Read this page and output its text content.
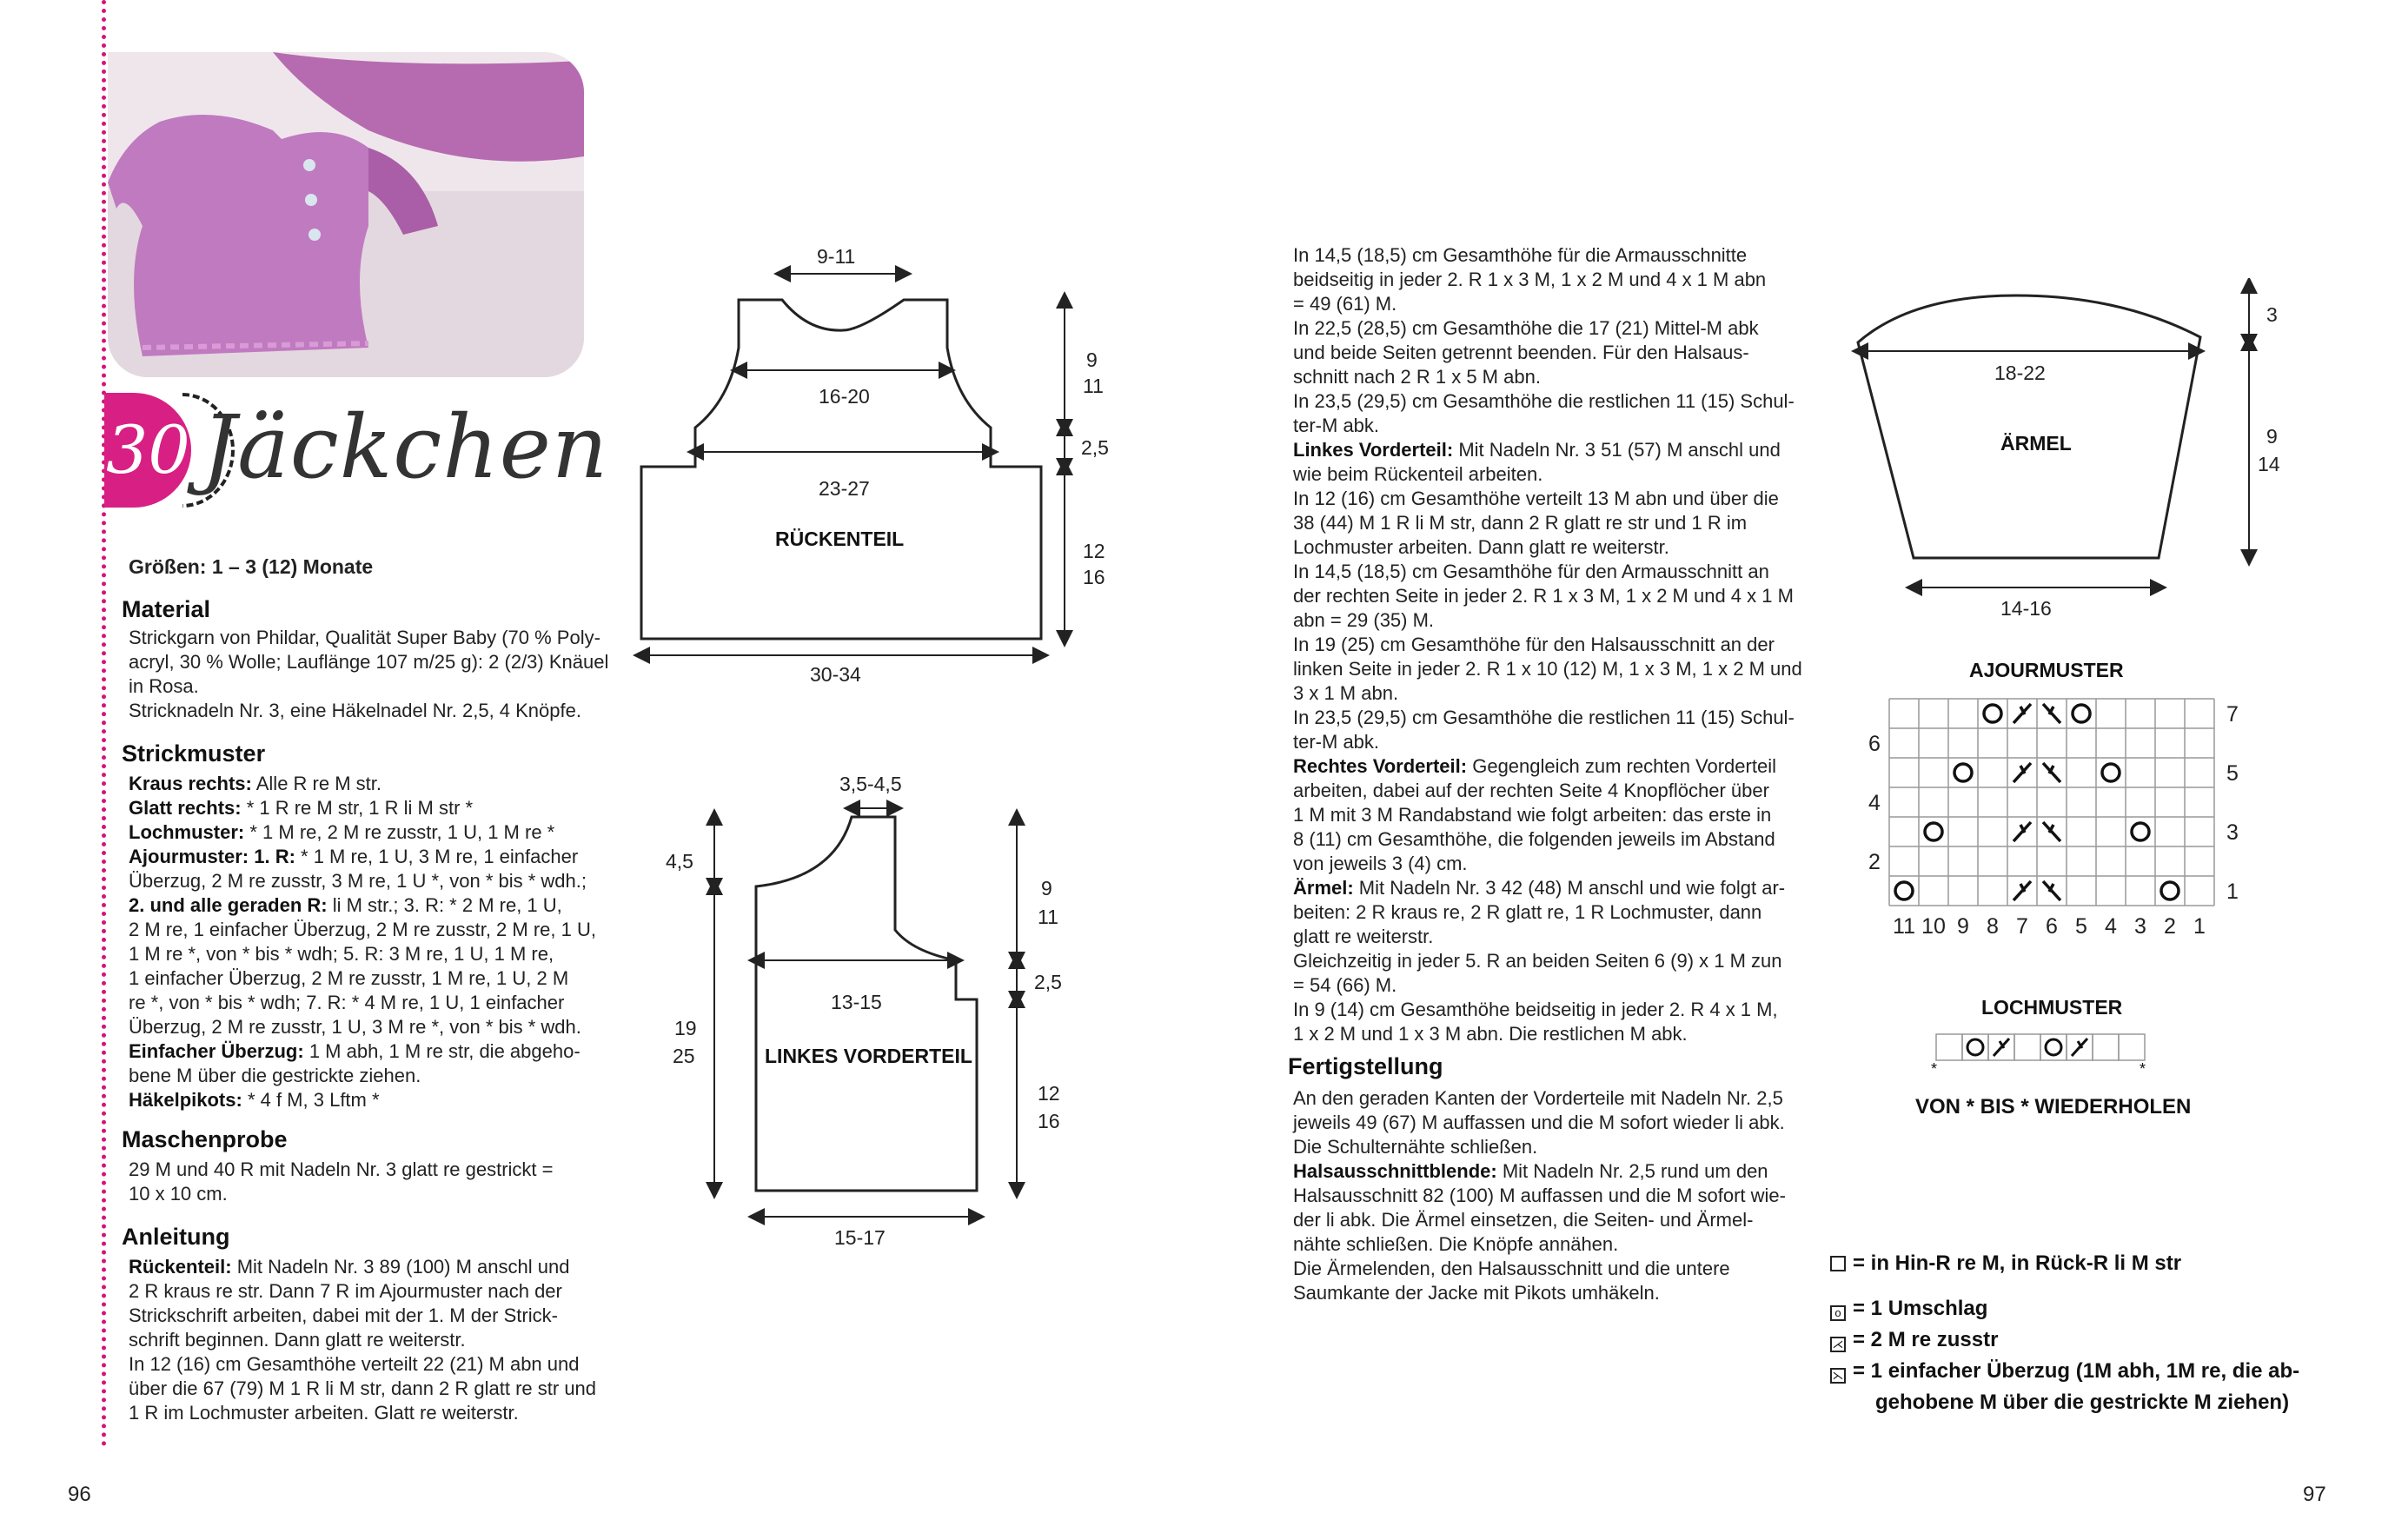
30 Jäckchen
Größen: 1 – 3 (12) Monate
Material
Strickgarn von Phildar, Qualität Super Baby (70 % Poly-
acryl, 30 % Wolle; Lauflänge 107 m/25 g): 2 (2/3) Knäuel
in Rosa.
Stricknadeln Nr. 3, eine Häkelnadel Nr. 2,5, 4 Knöpfe.
Strickmuster
Kraus rechts: Alle R re M str.
Glatt rechts: * 1 R re M str, 1 R li M str *
Lochmuster: * 1 M re, 2 M re zusstr, 1 U, 1 M re *
Ajourmuster: 1. R: * 1 M re, 1 U, 3 M re, 1 einfacher
Überzug, 2 M re zusstr, 3 M re, 1 U *, von * bis * wdh.;
2. und alle geraden R: li M str.; 3. R: * 2 M re, 1 U,
2 M re, 1 einfacher Überzug, 2 M re zusstr, 2 M re, 1 U,
1 M re *, von * bis * wdh; 5. R: 3 M re, 1 U, 1 M re,
1 einfacher Überzug, 2 M re zusstr, 1 M re, 1 U, 2 M
re *, von * bis * wdh; 7. R: * 4 M re, 1 U, 1 einfacher
Überzug, 2 M re zusstr, 1 U, 3 M re *, von * bis * wdh.
Einfacher Überzug: 1 M abh, 1 M re str, die abgeho-
bene M über die gestrickte ziehen.
Häkelpikots: * 4 f M, 3 Lftm *
Maschenprobe
29 M und 40 R mit Nadeln Nr. 3 glatt re gestrickt =
10 x 10 cm.
Anleitung
Rückenteil: Mit Nadeln Nr. 3 89 (100) M anschl und
2 R kraus re str. Dann 7 R im Ajourmuster nach der
Strickschrift arbeiten, dabei mit der 1. M der Strick-
schrift beginnen. Dann glatt re weiterstr.
In 12 (16) cm Gesamthöhe verteilt 22 (21) M abn und
über die 67 (79) M 1 R li M str, dann 2 R glatt re str und
1 R im Lochmuster arbeiten. Glatt re weiterstr.
In 14,5 (18,5) cm Gesamthöhe für die Armausschnitte
beidseitig in jeder 2. R 1 x 3 M, 1 x 2 M und 4 x 1 M abn
= 49 (61) M.
In 22,5 (28,5) cm Gesamthöhe die 17 (21) Mittel-M abk
und beide Seiten getrennt beenden. Für den Halsaus-
schnitt nach 2 R 1 x 5 M abn.
In 23,5 (29,5) cm Gesamthöhe die restlichen 11 (15) Schul-
ter-M abk.
Linkes Vorderteil: Mit Nadeln Nr. 3 51 (57) M anschl und
wie beim Rückenteil arbeiten.
In 12 (16) cm Gesamthöhe verteilt 13 M abn und über die
38 (44) M 1 R li M str, dann 2 R glatt re str und 1 R im
Lochmuster arbeiten. Dann glatt re weiterstr.
In 14,5 (18,5) cm Gesamthöhe für den Armausschnitt an
der rechten Seite in jeder 2. R 1 x 3 M, 1 x 2 M und 4 x 1 M
abn = 29 (35) M.
In 19 (25) cm Gesamthöhe für den Halsausschnitt an der
linken Seite in jeder 2. R 1 x 10 (12) M, 1 x 3 M, 1 x 2 M und
3 x 1 M abn.
In 23,5 (29,5) cm Gesamthöhe die restlichen 11 (15) Schul-
ter-M abk.
Rechtes Vorderteil: Gegengleich zum rechten Vorderteil
arbeiten, dabei auf der rechten Seite 4 Knopflöcher über
1 M mit 3 M Randabstand wie folgt arbeiten: das erste in
8 (11) cm Gesamthöhe, die folgenden jeweils im Abstand
von jeweils 3 (4) cm.
Ärmel: Mit Nadeln Nr. 3 42 (48) M anschl und wie folgt ar-
beiten: 2 R kraus re, 2 R glatt re, 1 R Lochmuster, dann
glatt re weiterstr.
Gleichzeitig in jeder 5. R an beiden Seiten 6 (9) x 1 M zun
= 54 (66) M.
In 9 (14) cm Gesamthöhe beidseitig in jeder 2. R 4 x 1 M,
1 x 2 M und 1 x 3 M abn. Die restlichen M abk.
Fertigstellung
An den geraden Kanten der Vorderteile mit Nadeln Nr. 2,5
jeweils 49 (67) M auffassen und die M sofort wieder li abk.
Die Schulternähte schließen.
Halsausschnittblende: Mit Nadeln Nr. 2,5 rund um den
Halsausschnitt 82 (100) M auffassen und die M sofort wie-
der li abk. Die Ärmel einsetzen, die Seiten- und Ärmel-
nähte schließen. Die Knöpfe annähen.
Die Ärmelenden, den Halsausschnitt und die untere
Saumkante der Jacke mit Pikots umhäkeln.
9-11
16-20
23-27
RÜCKENTEIL
30-34
9
11
2,5
12
16
3,5-4,5
13-15
LINKES VORDERTEIL
15-17
4,5
19
25
9
11
2,5
12
16
18-22
ÄRMEL
14-16
3
9
14
AJOURMUSTER
11 10 9 8 7 6 5 4 3 2 1
7
5
3
1
6
4
2
LOCHMUSTER
*	*
VON * BIS * WIEDERHOLEN
= in Hin-R re M, in Rück-R li M str
o = 1 Umschlag
⋌ = 2 M re zusstr
⋋ = 1 einfacher Überzug (1M abh, 1M re, die ab-
gehobene M über die gestrickte M ziehen)
96	97
